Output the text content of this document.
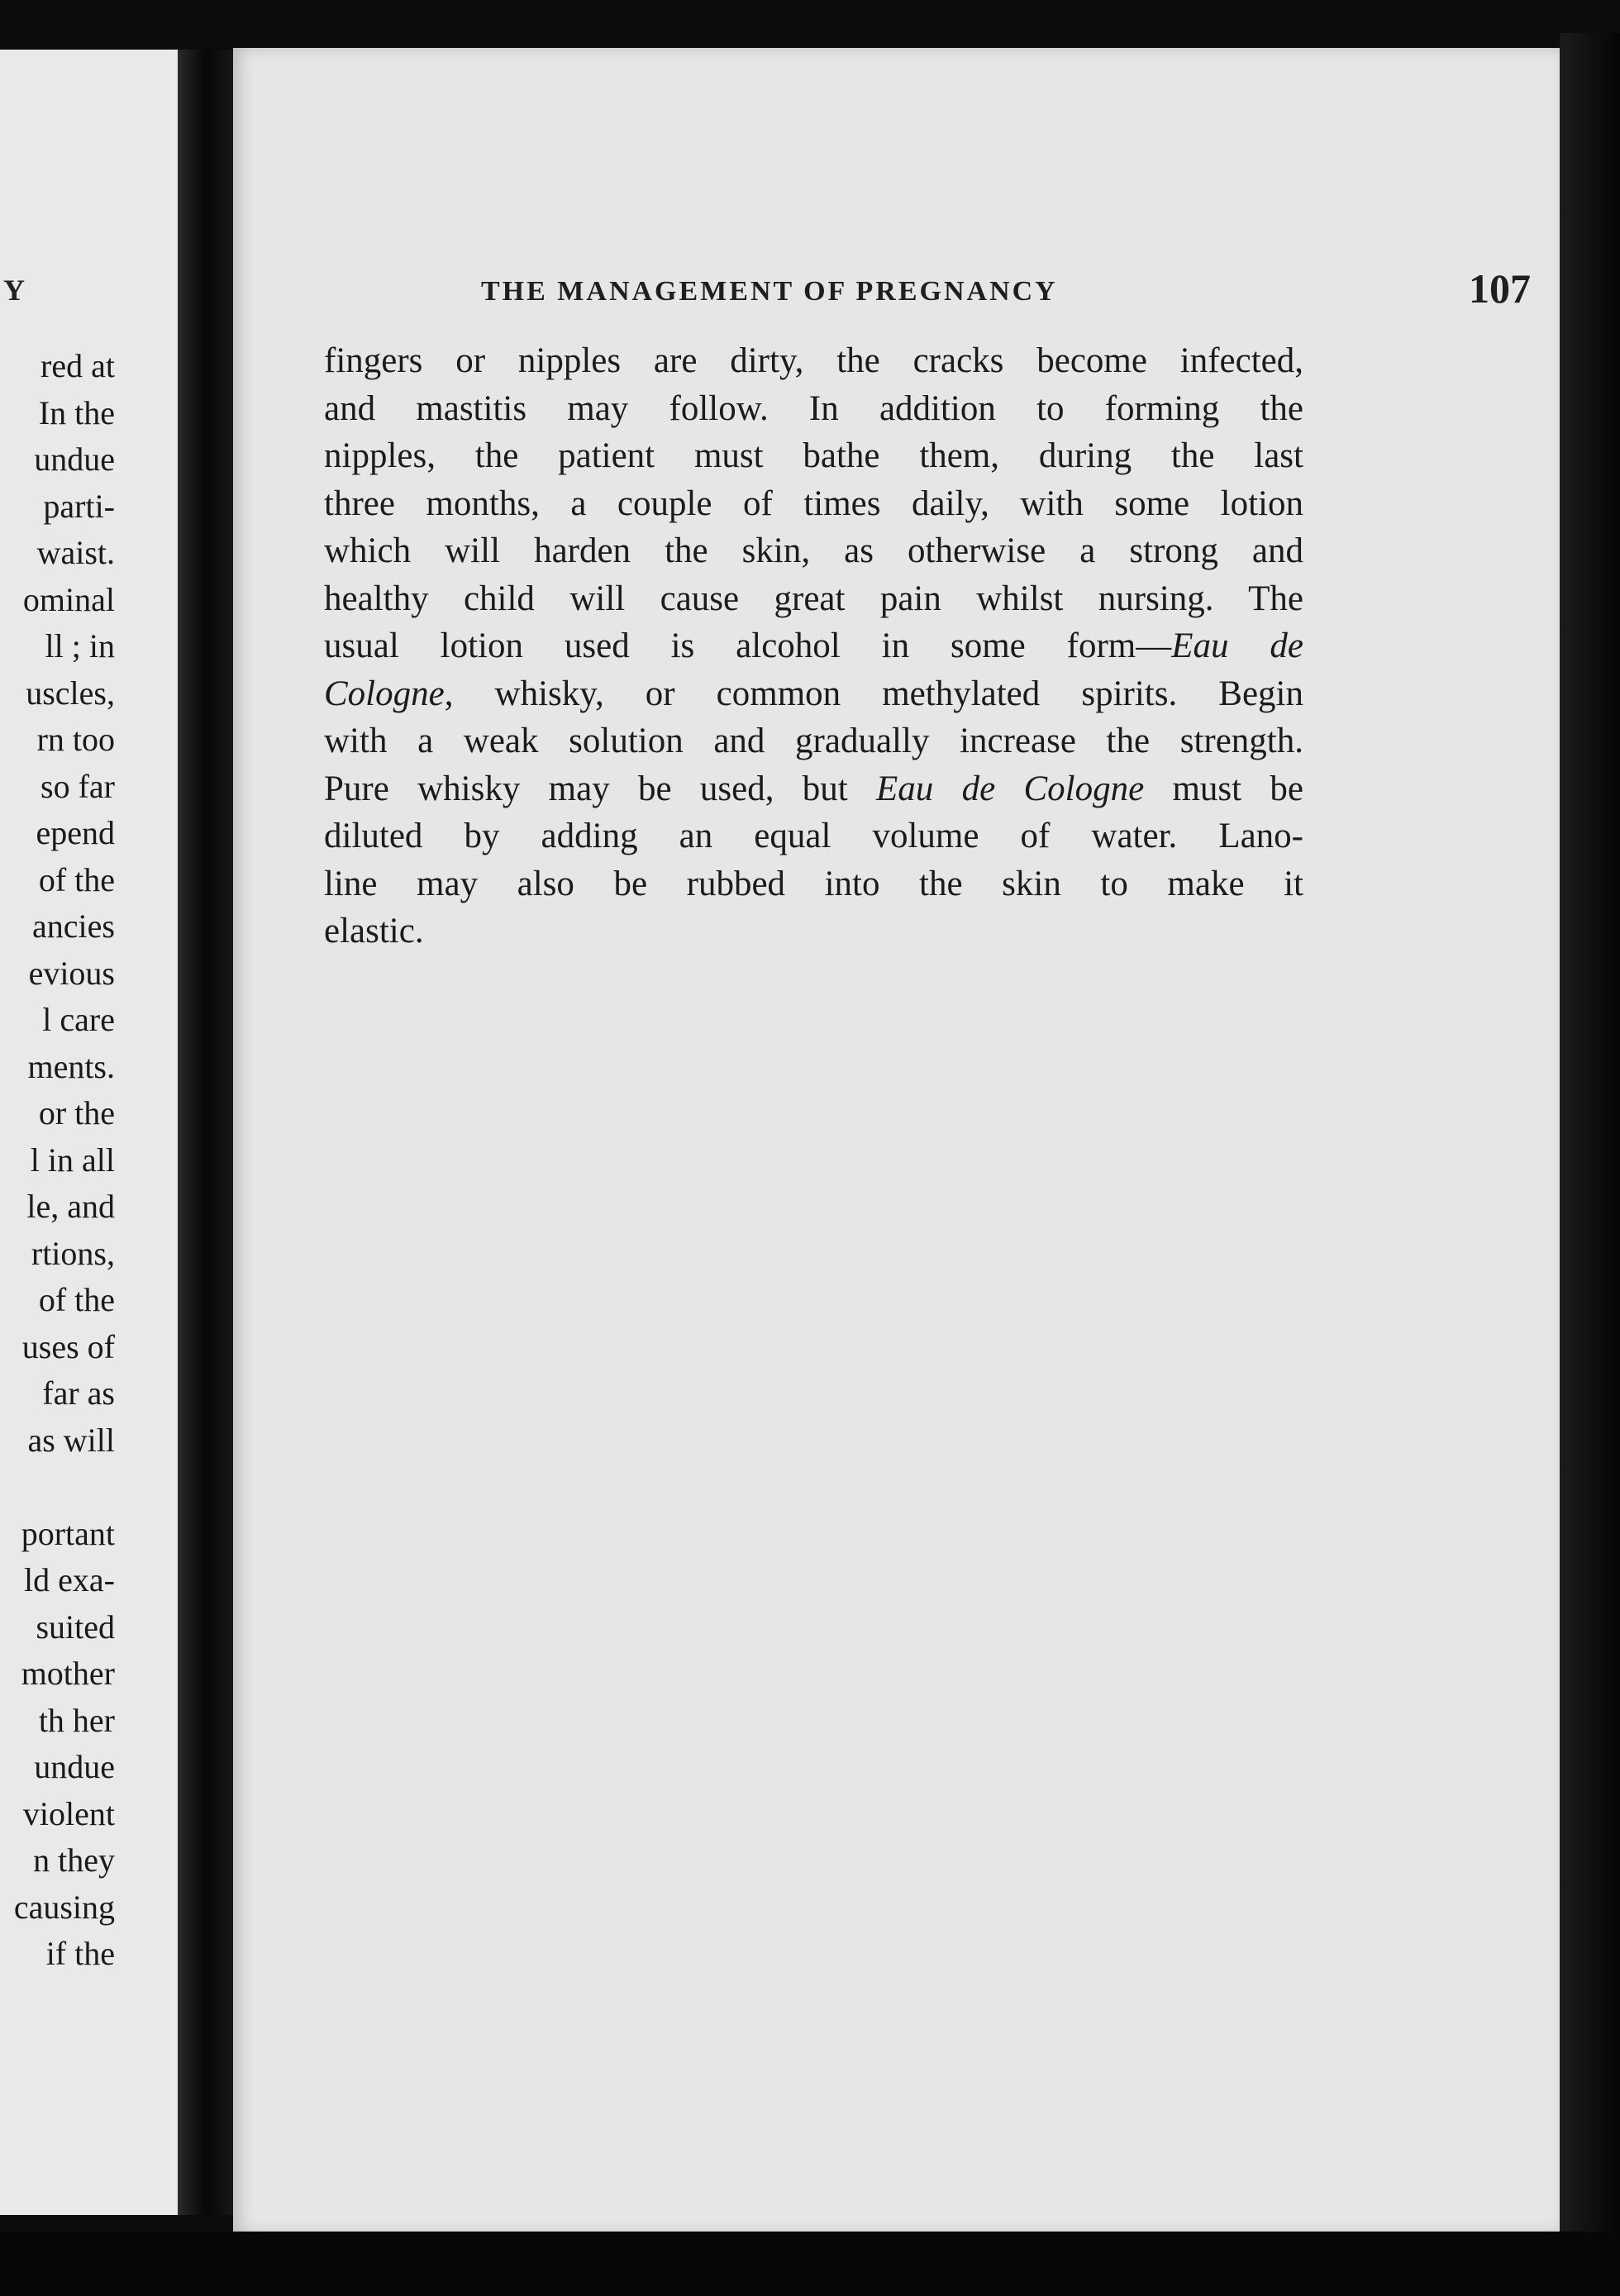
Y
red at
In the
undue
parti-
waist.
ominal
ll ; in
uscles,
rn too
so far
epend
of the
ancies
evious
l care
ments.
or the
l in all
le, and
rtions,
of the
uses of
far as
as will
portant
ld exa-
suited
mother
th her
undue
violent
n they
causing
if the
THE MANAGEMENT OF PREGNANCY	107
fingers or nipples are dirty, the cracks become infected,
and mastitis may follow. In addition to forming the
nipples, the patient must bathe them, during the last
three months, a couple of times daily, with some lotion
which will harden the skin, as otherwise a strong and
healthy child will cause great pain whilst nursing. The
usual lotion used is alcohol in some form—Eau de
Cologne, whisky, or common methylated spirits. Begin
with a weak solution and gradually increase the strength.
Pure whisky may be used, but Eau de Cologne must be
diluted by adding an equal volume of water. Lano-
line may also be rubbed into the skin to make it
elastic.
